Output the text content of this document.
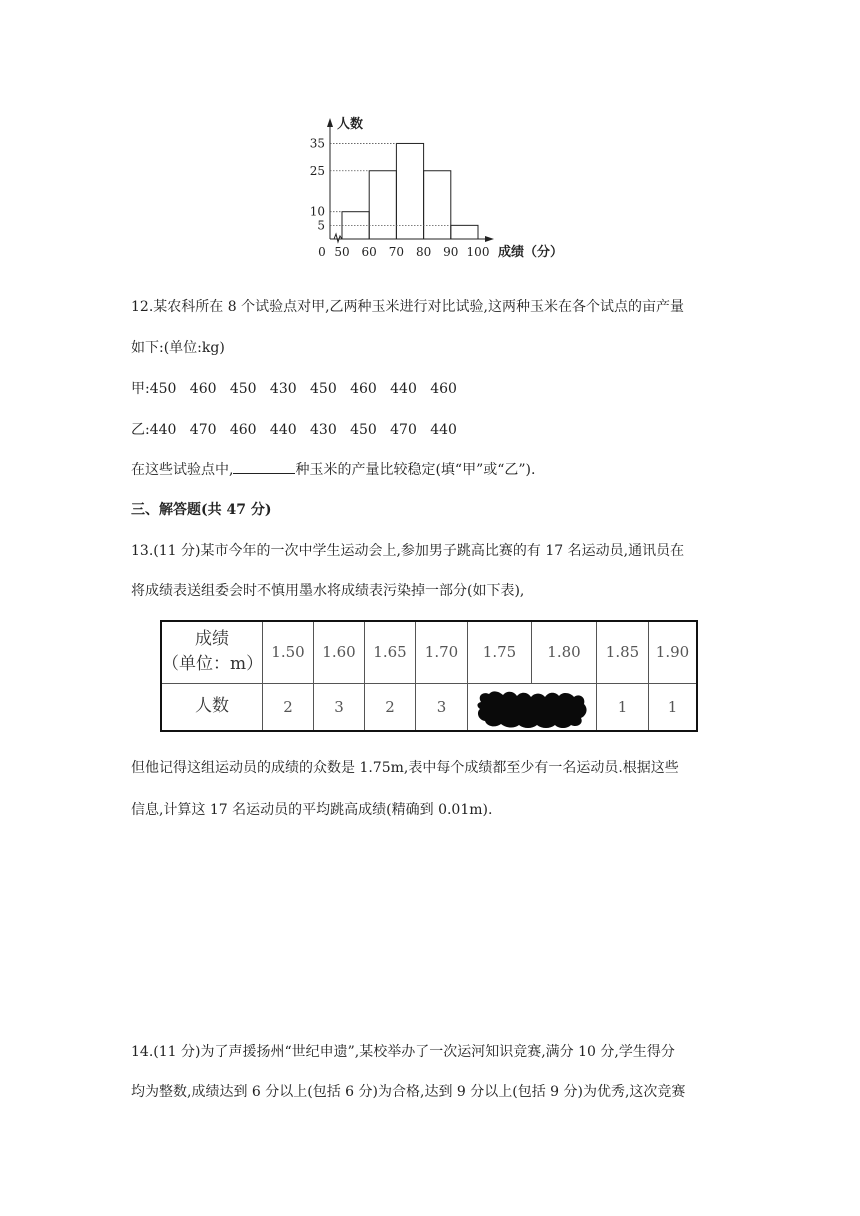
5
10
25
35
0 50 60 70 80 90 100
人数
成绩（分）
12.某农科所在 8 个试验点对甲,乙两种玉米进行对比试验,这两种玉米在各个试点的亩产量
如下:(单位:kg)
甲:450   460   450   430   450   460   440   460
乙:440   470   460   440   430   450   470   440
在这些试验点中,	种玉米的产量比较稳定(填“甲”或“乙”).
三、解答题(共 47 分)
13.(11 分)某市今年的一次中学生运动会上,参加男子跳高比赛的有 17 名运动员,通讯员在
将成绩表送组委会时不慎用墨水将成绩表污染掉一部分(如下表),
成绩
（单位：m）	1.50	1.60	1.65	1.70	1.75	1.80	1.85	1.90
人数	2	3	2	3			1	1
但他记得这组运动员的成绩的众数是 1.75m,表中每个成绩都至少有一名运动员.根据这些
信息,计算这 17 名运动员的平均跳高成绩(精确到 0.01m).
14.(11 分)为了声援扬州“世纪申遗”,某校举办了一次运河知识竞赛,满分 10 分,学生得分
均为整数,成绩达到 6 分以上(包括 6 分)为合格,达到 9 分以上(包括 9 分)为优秀,这次竞赛
